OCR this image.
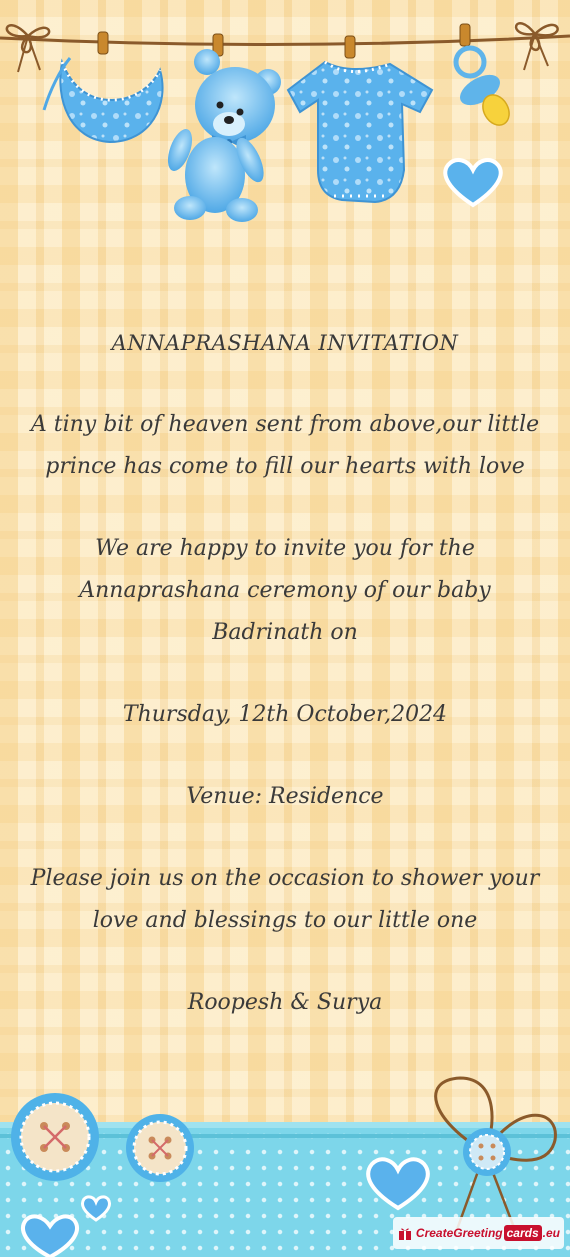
ANNAPRASHANA INVITATION

A tiny bit of heaven sent from above,our little prince has come to fill our hearts with love

We are happy to invite you for the Annaprashana ceremony of our baby Badrinath on

Thursday, 12th October,2024

Venue: Residence

Please join us on the occasion to shower your love and blessings to our little one

Roopesh & Surya

CreateGreeting cards .eu
